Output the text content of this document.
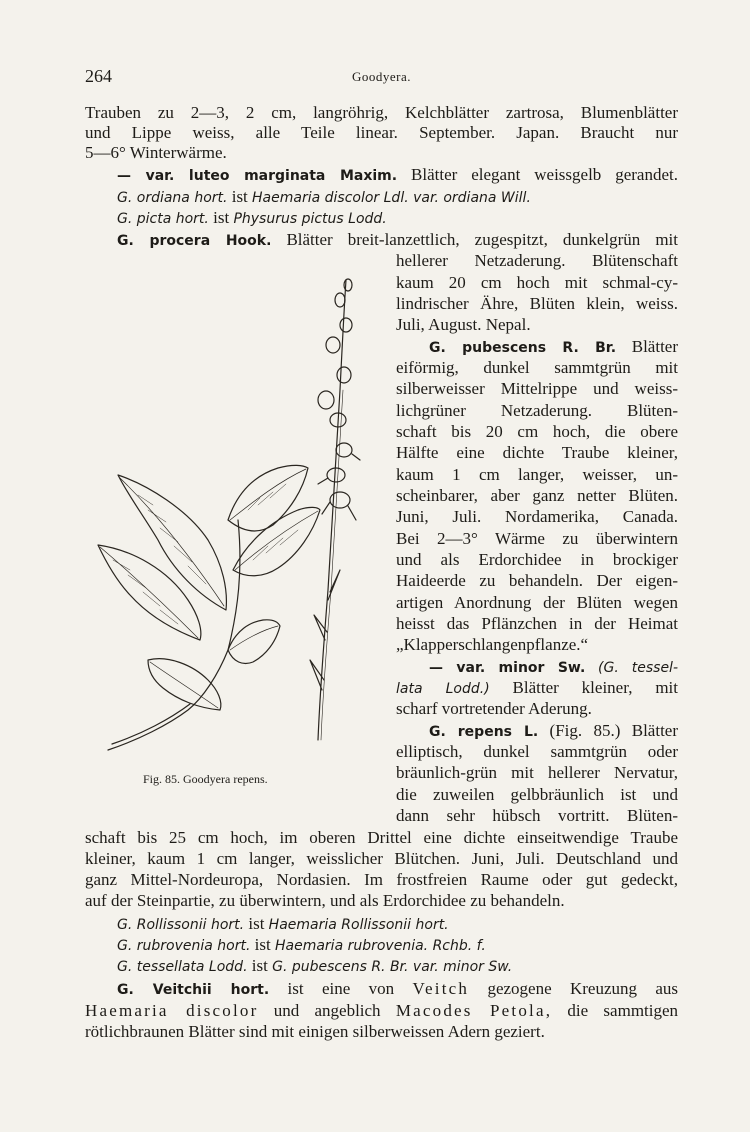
264	Goodyera.
Trauben zu 2—3, 2 cm, langröhrig, Kelchblätter zartrosa, Blumenblätter
und Lippe weiss, alle Teile linear. September. Japan. Braucht nur
5—6° Winterwärme.
— var. luteo marginata Maxim. Blätter elegant weissgelb gerandet.
G. ordiana hort. ist Haemaria discolor Ldl. var. ordiana Will.
G. picta hort. ist Physurus pictus Lodd.
G. procera Hook. Blätter breit-lanzettlich, zugespitzt, dunkelgrün mit
hellerer Netzaderung. Blütenschaft
kaum 20 cm hoch mit schmal-cy-
lindrischer Ähre, Blüten klein, weiss.
Juli, August. Nepal.
G. pubescens R. Br. Blätter
eiförmig, dunkel sammtgrün mit
silberweisser Mittelrippe und weiss-
lichgrüner Netzaderung. Blüten-
schaft bis 20 cm hoch, die obere
Hälfte eine dichte Traube kleiner,
kaum 1 cm langer, weisser, un-
scheinbarer, aber ganz netter Blüten.
Juni, Juli. Nordamerika, Canada.
Bei 2—3° Wärme zu überwintern
und als Erdorchidee in brockiger
Haideerde zu behandeln. Der eigen-
artigen Anordnung der Blüten wegen
heisst das Pflänzchen in der Heimat
„Klapperschlangenpflanze.“
— var. minor Sw. (G. tessel-
lata Lodd.) Blätter kleiner, mit
scharf vortretender Aderung.
G. repens L. (Fig. 85.) Blätter
elliptisch, dunkel sammtgrün oder
bräunlich-grün mit hellerer Nervatur,
die zuweilen gelbbräunlich ist und
dann sehr hübsch vortritt. Blüten-
schaft bis 25 cm hoch, im oberen Drittel eine dichte einseitwendige Traube
kleiner, kaum 1 cm langer, weisslicher Blütchen. Juni, Juli. Deutschland und
ganz Mittel-Nordeuropa, Nordasien. Im frostfreien Raume oder gut gedeckt,
auf der Steinpartie, zu überwintern, und als Erdorchidee zu behandeln.
G. Rollissonii hort. ist Haemaria Rollissonii hort.
G. rubrovenia hort. ist Haemaria rubrovenia. Rchb. f.
G. tessellata Lodd. ist G. pubescens R. Br. var. minor Sw.
G. Veitchii hort. ist eine von Veitch gezogene Kreuzung aus
Haemaria discolor und angeblich Macodes Petola, die sammtigen
rötlichbraunen Blätter sind mit einigen silberweissen Adern geziert.
Fig. 85. Goodyera repens.
